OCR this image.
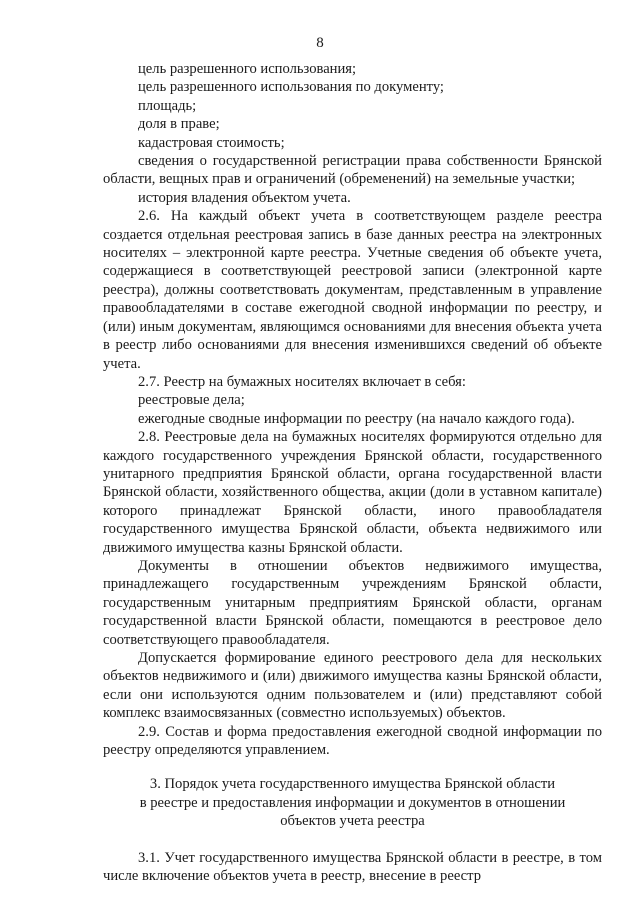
8

цель разрешенного использования;

цель разрешенного использования по документу;

площадь;

доля в праве;

кадастровая стоимость;

сведения о государственной регистрации права собственности Брянской области, вещных прав и ограничений (обременений) на земельные участки;

история владения объектом учета.

2.6. На каждый объект учета в соответствующем разделе реестра создается отдельная реестровая запись в базе данных реестра на электронных носителях – электронной карте реестра. Учетные сведения об объекте учета, содержащиеся в соответствующей реестровой записи (электронной карте реестра), должны соответствовать документам, представленным в управление правообладателями в составе ежегодной сводной информации по реестру, и (или) иным документам, являющимся основаниями для внесения объекта учета в реестр либо основаниями для внесения изменившихся сведений об объекте учета.

2.7. Реестр на бумажных носителях включает в себя:

реестровые дела;

ежегодные сводные информации по реестру (на начало каждого года).

2.8. Реестровые дела на бумажных носителях формируются отдельно для каждого государственного учреждения Брянской области, государственного унитарного предприятия Брянской области, органа государственной власти Брянской области, хозяйственного общества, акции (доли в уставном капитале) которого принадлежат Брянской области, иного правообладателя государственного имущества Брянской области, объекта недвижимого или движимого имущества казны Брянской области.

Документы в отношении объектов недвижимого имущества, принадлежащего государственным учреждениям Брянской области, государственным унитарным предприятиям Брянской области, органам государственной власти Брянской области, помещаются в реестровое дело соответствующего правообладателя.

Допускается формирование единого реестрового дела для нескольких объектов недвижимого и (или) движимого имущества казны Брянской области, если они используются одним пользователем и (или) представляют собой комплекс взаимосвязанных (совместно используемых) объектов.

2.9. Состав и форма предоставления ежегодной сводной информации по реестру определяются управлением.

3. Порядок учета государственного имущества Брянской области
в реестре и предоставления информации и документов в отношении
объектов учета реестра

3.1. Учет государственного имущества Брянской области в реестре, в том числе включение объектов учета в реестр, внесение в реестр
